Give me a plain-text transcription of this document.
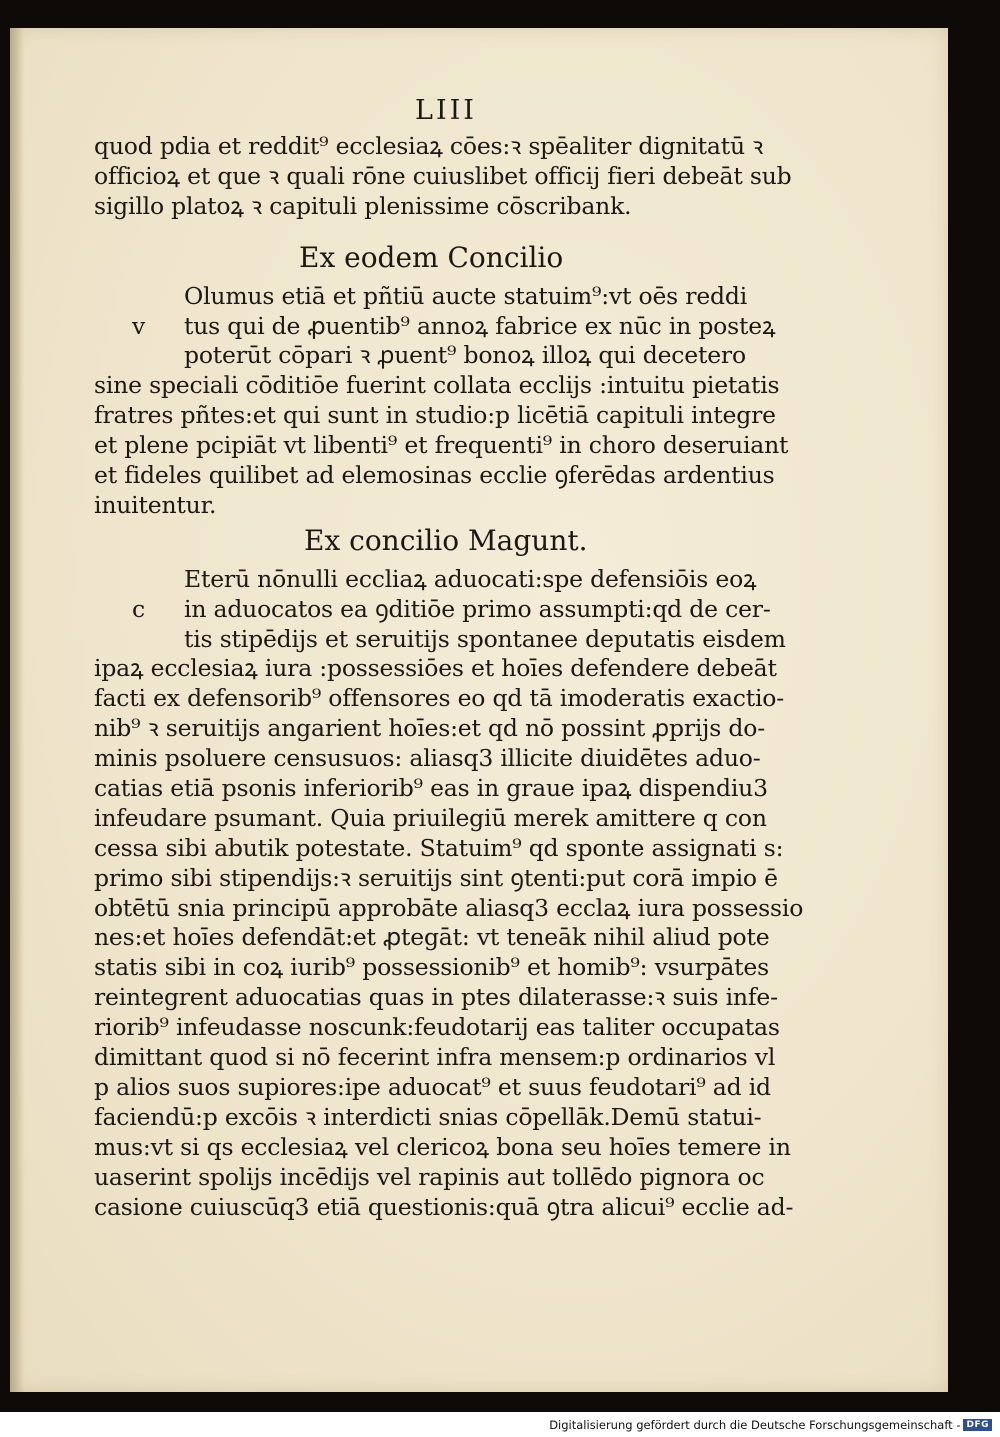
LIII
quod pdia et reddit⁹ ecclesiaꝝ cōes:ꝛ spēaliter dignitatū ꝛ
officioꝝ et que ꝛ quali rōne cuiuslibet officij fieri debeāt sub
sigillo platoꝝ ꝛ capituli plenissime cōscribank.
Ex eodem Concilio
Olumus etiā et pñtiū aucte statuim⁹:vt oēs reddi
tus qui de ꝓuentib⁹ annoꝝ fabrice ex nūc in posteꝝ
v
poterūt cōpari ꝛ ꝓuent⁹ bonoꝝ illoꝝ qui decetero
sine speciali cōditiōe fuerint collata ecclijs :intuitu pietatis
fratres pñtes:et qui sunt in studio:p licētiā capituli integre
et plene pcipiāt vt libenti⁹ et frequenti⁹ in choro deseruiant
et fideles quilibet ad elemosinas ecclie ꝯferēdas ardentius
inuitentur.
Ex concilio Magunt.
Eterū nōnulli eccliaꝝ aduocati:spe defensiōis eoꝝ
in aduocatos ea ꝯditiōe primo assumpti:qd de cer-
c
tis stipēdijs et seruitijs spontanee deputatis eisdem
ipaꝝ ecclesiaꝝ iura :possessiōes et hoīes defendere debeāt
facti ex defensorib⁹ offensores eo qd tā imoderatis exactio-
nib⁹ ꝛ seruitijs angarient hoīes:et qd nō possint ꝓprijs do-
minis psoluere censusuos: aliasq3 illicite diuidētes aduo-
catias etiā psonis inferiorib⁹ eas in graue ipaꝝ dispendiu3
infeudare psumant. Quia priuilegiū merek amittere q con
cessa sibi abutik potestate. Statuim⁹ qd sponte assignati s:
primo sibi stipendijs:ꝛ seruitijs sint ꝯtenti:put corā impio ē
obtētū snia principū approbāte aliasq3 ecclaꝝ iura possessio
nes:et hoīes defendāt:et ꝓtegāt: vt teneāk nihil aliud pote
statis sibi in coꝝ iurib⁹ possessionib⁹ et homib⁹: vsurpātes
reintegrent aduocatias quas in ptes dilaterasse:ꝛ suis infe-
riorib⁹ infeudasse noscunk:feudotarij eas taliter occupatas
dimittant quod si nō fecerint infra mensem:p ordinarios vl
p alios suos supiores:ipe aduocat⁹ et suus feudotari⁹ ad id
faciendū:p excōis ꝛ interdicti snias cōpellāk.Demū statui-
mus:vt si qs ecclesiaꝝ vel clericoꝝ bona seu hoīes temere in
uaserint spolijs incēdijs vel rapinis aut tollēdo pignora oc
casione cuiuscūq3 etiā questionis:quā ꝯtra alicui⁹ ecclie ad-
Digitalisierung gefördert durch die Deutsche Forschungsgemeinschaft - DFG
